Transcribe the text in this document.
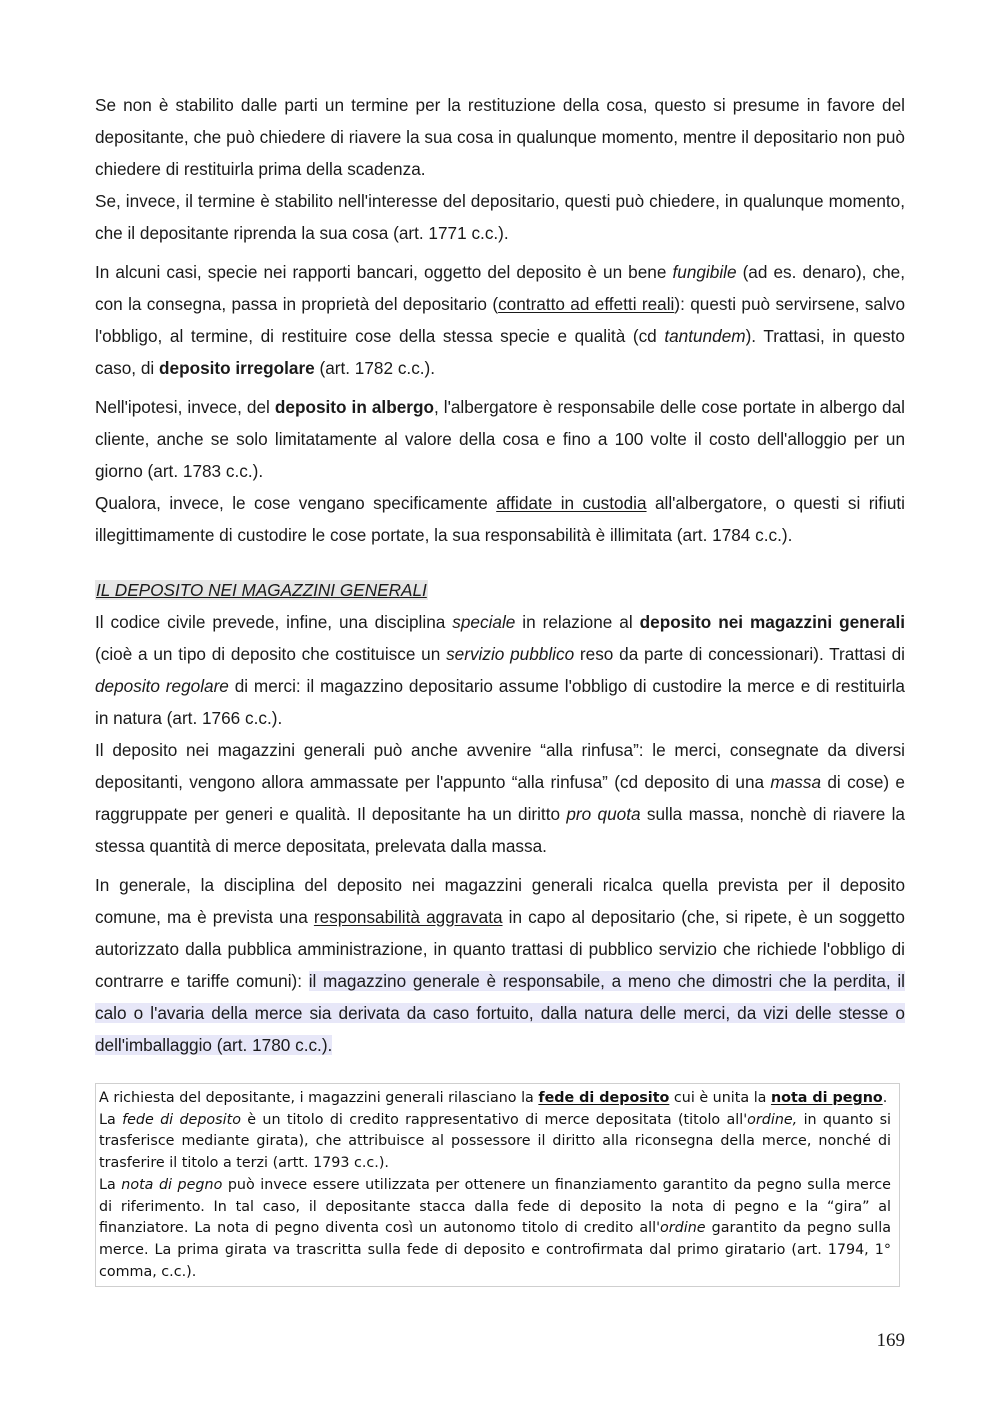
Se non è stabilito dalle parti un termine per la restituzione della cosa, questo si presume in favore del depositante, che può chiedere di riavere la sua cosa in qualunque momento, mentre il depositario non può chiedere di restituirla prima della scadenza.

Se, invece, il termine è stabilito nell'interesse del depositario, questi può chiedere, in qualunque momento, che il depositante riprenda la sua cosa (art. 1771 c.c.).

In alcuni casi, specie nei rapporti bancari, oggetto del deposito è un bene fungibile (ad es. denaro), che, con la consegna, passa in proprietà del depositario (contratto ad effetti reali): questi può servirsene, salvo l'obbligo, al termine, di restituire cose della stessa specie e qualità (cd tantundem). Trattasi, in questo caso, di deposito irregolare (art. 1782 c.c.).

Nell'ipotesi, invece, del deposito in albergo, l'albergatore è responsabile delle cose portate in albergo dal cliente, anche se solo limitatamente al valore della cosa e fino a 100 volte il costo dell'alloggio per un giorno (art. 1783 c.c.).

Qualora, invece, le cose vengano specificamente affidate in custodia all'albergatore, o questi si rifiuti illegittimamente di custodire le cose portate, la sua responsabilità è illimitata (art. 1784 c.c.).

IL DEPOSITO NEI MAGAZZINI GENERALI

Il codice civile prevede, infine, una disciplina speciale in relazione al deposito nei magazzini generali (cioè a un tipo di deposito che costituisce un servizio pubblico reso da parte di concessionari). Trattasi di deposito regolare di merci: il magazzino depositario assume l'obbligo di custodire la merce e di restituirla in natura (art. 1766 c.c.).

Il deposito nei magazzini generali può anche avvenire “alla rinfusa”: le merci, consegnate da diversi depositanti, vengono allora ammassate per l'appunto “alla rinfusa” (cd deposito di una massa di cose) e raggruppate per generi e qualità. Il depositante ha un diritto pro quota sulla massa, nonchè di riavere la stessa quantità di merce depositata, prelevata dalla massa.

In generale, la disciplina del deposito nei magazzini generali ricalca quella prevista per il deposito comune, ma è prevista una responsabilità aggravata in capo al depositario (che, si ripete, è un soggetto autorizzato dalla pubblica amministrazione, in quanto trattasi di pubblico servizio che richiede l'obbligo di contrarre e tariffe comuni): il magazzino generale è responsabile, a meno che dimostri che la perdita, il calo o l'avaria della merce sia derivata da caso fortuito, dalla natura delle merci, da vizi delle stesse o dell'imballaggio (art. 1780 c.c.).

A richiesta del depositante, i magazzini generali rilasciano la fede di deposito cui è unita la nota di pegno.

La fede di deposito è un titolo di credito rappresentativo di merce depositata (titolo all'ordine, in quanto si trasferisce mediante girata), che attribuisce al possessore il diritto alla riconsegna della merce, nonché di trasferire il titolo a terzi (artt. 1793 c.c.).

La nota di pegno può invece essere utilizzata per ottenere un finanziamento garantito da pegno sulla merce di riferimento. In tal caso, il depositante stacca dalla fede di deposito la nota di pegno e la “gira” al finanziatore. La nota di pegno diventa così un autonomo titolo di credito all'ordine garantito da pegno sulla merce. La prima girata va trascritta sulla fede di deposito e controfirmata dal primo giratario (art. 1794, 1° comma, c.c.).

169
